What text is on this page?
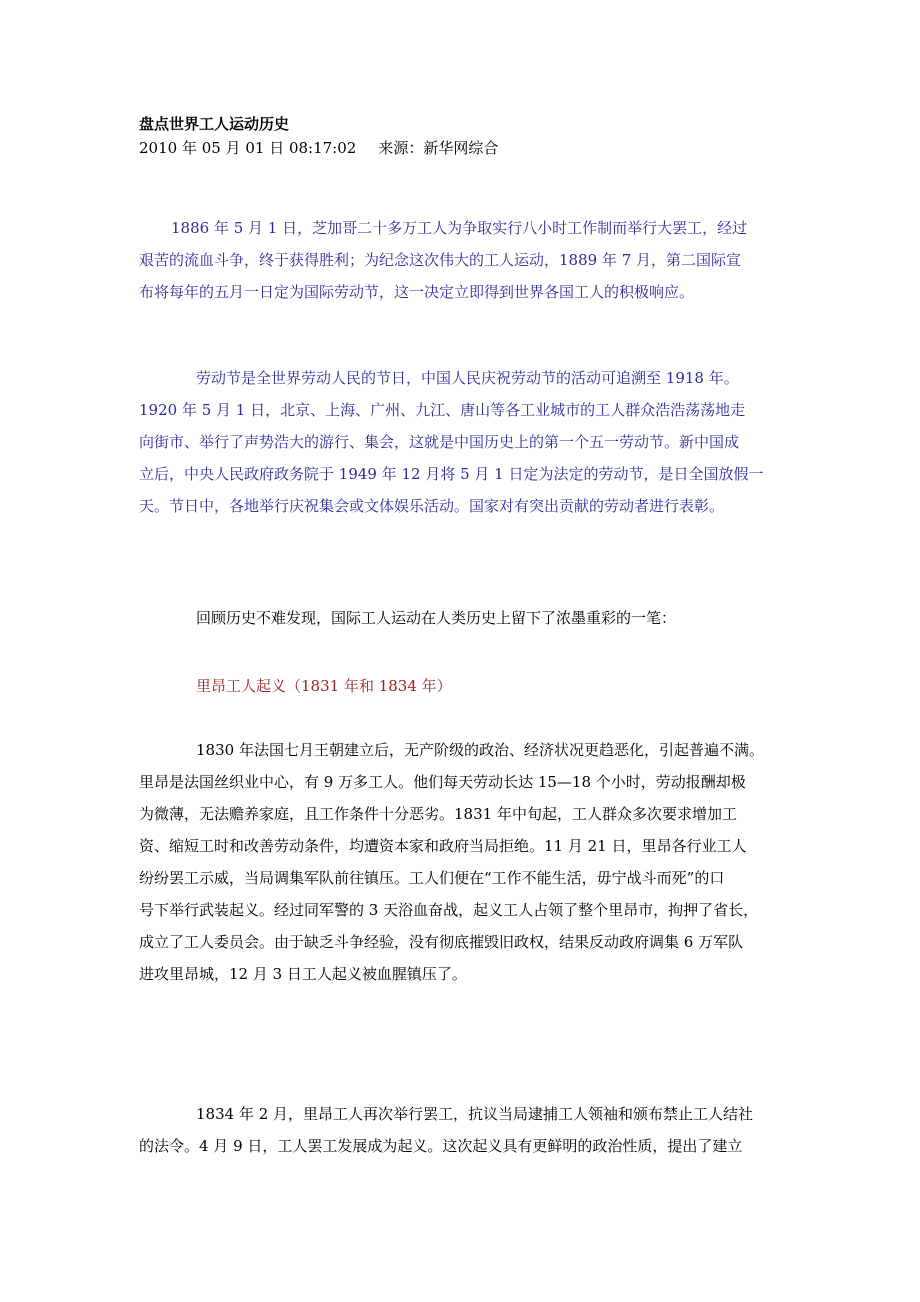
盘点世界工人运动历史
2010 年 05 月 01 日 08:17:02 来源：新华网综合
1886 年 5 月 1 日，芝加哥二十多万工人为争取实行八小时工作制而举行大罢工，经过
艰苦的流血斗争，终于获得胜利；为纪念这次伟大的工人运动，1889 年 7 月，第二国际宣
布将每年的五月一日定为国际劳动节，这一决定立即得到世界各国工人的积极响应。
劳动节是全世界劳动人民的节日，中国人民庆祝劳动节的活动可追溯至 1918 年。
1920 年 5 月 1 日，北京、上海、广州、九江、唐山等各工业城市的工人群众浩浩荡荡地走
向街市、举行了声势浩大的游行、集会，这就是中国历史上的第一个五一劳动节。新中国成
立后，中央人民政府政务院于 1949 年 12 月将 5 月 1 日定为法定的劳动节，是日全国放假一
天。节日中，各地举行庆祝集会或文体娱乐活动。国家对有突出贡献的劳动者进行表彰。
回顾历史不难发现，国际工人运动在人类历史上留下了浓墨重彩的一笔：
里昂工人起义（1831 年和 1834 年）
1830 年法国七月王朝建立后，无产阶级的政治、经济状况更趋恶化，引起普遍不满。
里昂是法国丝织业中心，有 9 万多工人。他们每天劳动长达 15—18 个小时，劳动报酬却极
为微薄，无法赡养家庭，且工作条件十分恶劣。1831 年中旬起，工人群众多次要求增加工
资、缩短工时和改善劳动条件，均遭资本家和政府当局拒绝。11 月 21 日，里昂各行业工人
纷纷罢工示威，当局调集军队前往镇压。工人们便在“工作不能生活，毋宁战斗而死”的口
号下举行武装起义。经过同军警的 3 天浴血奋战，起义工人占领了整个里昂市，拘押了省长，
成立了工人委员会。由于缺乏斗争经验，没有彻底摧毁旧政权，结果反动政府调集 6 万军队
进攻里昂城，12 月 3 日工人起义被血腥镇压了。
1834 年 2 月，里昂工人再次举行罢工，抗议当局逮捕工人领袖和颁布禁止工人结社
的法令。4 月 9 日，工人罢工发展成为起义。这次起义具有更鲜明的政治性质，提出了建立
